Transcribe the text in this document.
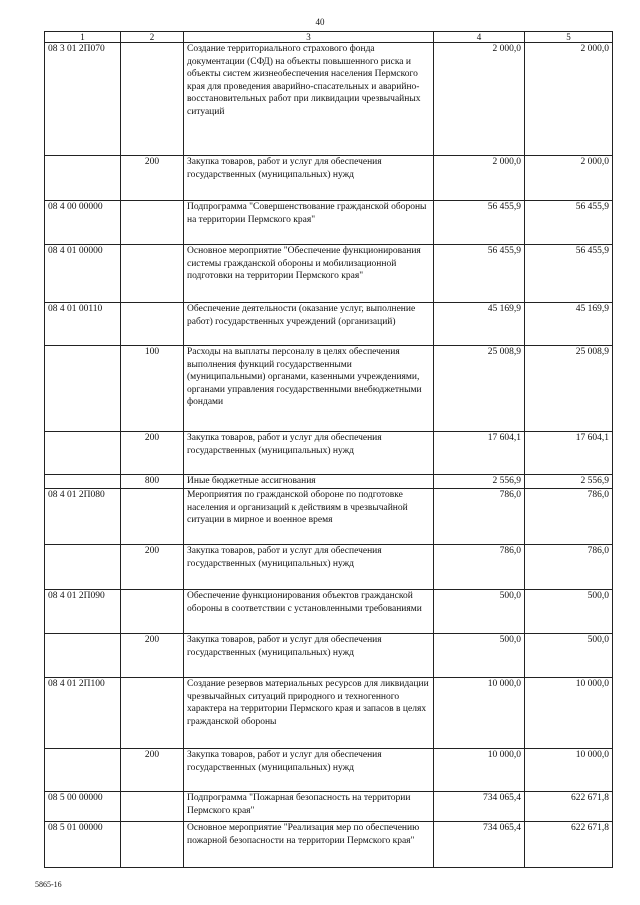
40
1	2	3	4	5
08 3 01 2П070		Создание территориального страхового фонда документации (СФД) на объекты повышенного риска и объекты систем жизнеобеспечения населения Пермского края для проведения аварийно-спасательных и аварийно-восстановительных работ при ликвидации чрезвычайных ситуаций	2 000,0	2 000,0
	200	Закупка товаров, работ и услуг для обеспечения государственных (муниципальных) нужд	2 000,0	2 000,0
08 4 00 00000		Подпрограмма "Совершенствование гражданской обороны на территории Пермского края"	56 455,9	56 455,9
08 4 01 00000		Основное мероприятие "Обеспечение функционирования системы гражданской обороны и мобилизационной подготовки на территории Пермского края"	56 455,9	56 455,9
08 4 01 00110		Обеспечение деятельности (оказание услуг, выполнение работ) государственных учреждений (организаций)	45 169,9	45 169,9
	100	Расходы на выплаты персоналу в целях обеспечения выполнения функций государственными (муниципальными) органами, казенными учреждениями, органами управления государственными внебюджетными фондами	25 008,9	25 008,9
	200	Закупка товаров, работ и услуг для обеспечения государственных (муниципальных) нужд	17 604,1	17 604,1
	800	Иные бюджетные ассигнования	2 556,9	2 556,9
08 4 01 2П080		Мероприятия по гражданской обороне по подготовке населения и организаций к действиям в чрезвычайной ситуации в мирное и военное время	786,0	786,0
	200	Закупка товаров, работ и услуг для обеспечения государственных (муниципальных) нужд	786,0	786,0
08 4 01 2П090		Обеспечение функционирования объектов гражданской обороны в соответствии с установленными требованиями	500,0	500,0
	200	Закупка товаров, работ и услуг для обеспечения государственных (муниципальных) нужд	500,0	500,0
08 4 01 2П100		Создание резервов материальных ресурсов для ликвидации чрезвычайных ситуаций природного и техногенного характера на территории Пермского края и запасов в целях гражданской обороны	10 000,0	10 000,0
	200	Закупка товаров, работ и услуг для обеспечения государственных (муниципальных) нужд	10 000,0	10 000,0
08 5 00 00000		Подпрограмма "Пожарная безопасность на территории Пермского края"	734 065,4	622 671,8
08 5 01 00000		Основное мероприятие "Реализация мер по обеспечению пожарной безопасности на территории Пермского края"	734 065,4	622 671,8
5865-16
